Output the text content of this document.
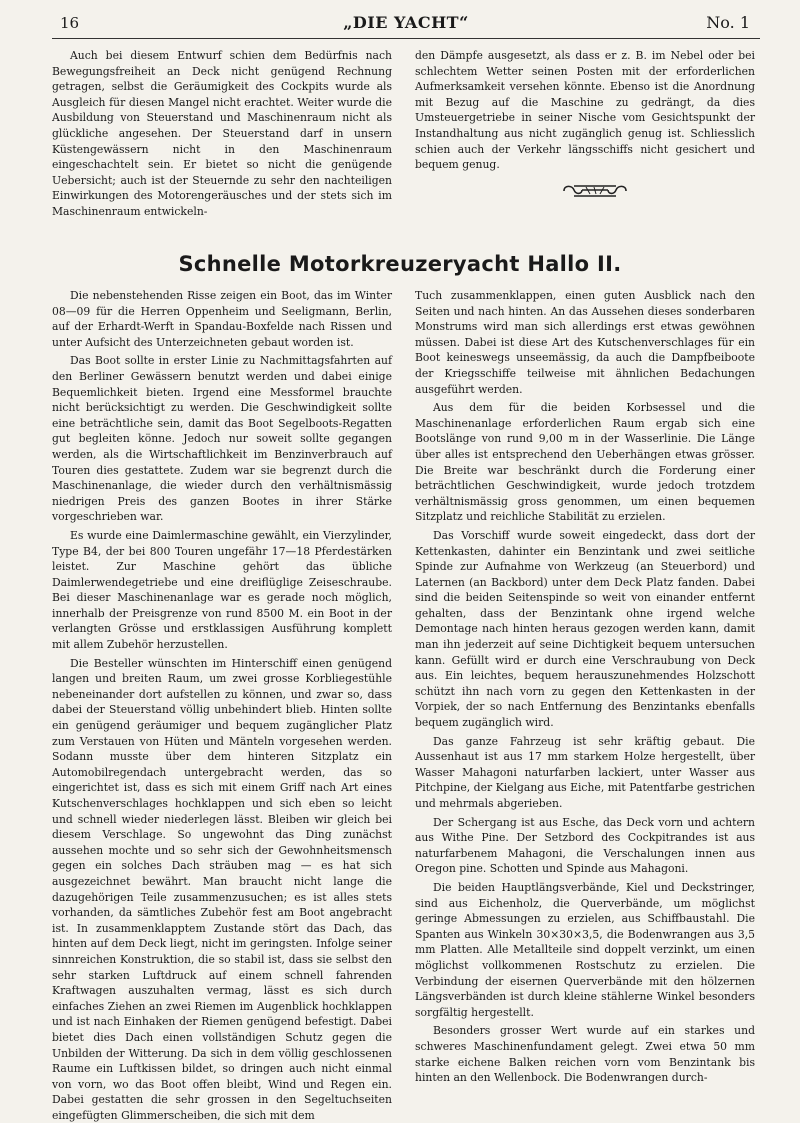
16	„DIE YACHT“	No. 1

Auch bei diesem Entwurf schien dem Bedürfnis nach Bewegungsfreiheit an Deck nicht genügend Rechnung getragen, selbst die Geräumigkeit des Cockpits wurde als Ausgleich für diesen Mangel nicht erachtet. Weiter wurde die Ausbildung von Steuerstand und Maschinenraum nicht als glückliche angesehen. Der Steuerstand darf in unsern Küstengewässern nicht in den Maschinenraum eingeschachtelt sein. Er bietet so nicht die genügende Uebersicht; auch ist der Steuernde zu sehr den nachteiligen Einwirkungen des Motorengeräusches und der stets sich im Maschinenraum entwickeln-

den Dämpfe ausgesetzt, als dass er z. B. im Nebel oder bei schlechtem Wetter seinen Posten mit der erforderlichen Aufmerksamkeit versehen könnte. Ebenso ist die Anordnung mit Bezug auf die Maschine zu gedrängt, da dies Umsteuergetriebe in seiner Nische vom Gesichtspunkt der Instandhaltung aus nicht zugänglich genug ist. Schliesslich schien auch der Verkehr längsschiffs nicht gesichert und bequem genug.

Schnelle Motorkreuzeryacht Hallo II.

Die nebenstehenden Risse zeigen ein Boot, das im Winter 08—09 für die Herren Oppenheim und Seeligmann, Berlin, auf der Erhardt-Werft in Spandau-Boxfelde nach Rissen und unter Aufsicht des Unterzeichneten gebaut worden ist.

Das Boot sollte in erster Linie zu Nachmittagsfahrten auf den Berliner Gewässern benutzt werden und dabei einige Bequemlichkeit bieten. Irgend eine Messformel brauchte nicht berücksichtigt zu werden. Die Geschwindigkeit sollte eine beträchtliche sein, damit das Boot Segelboots-Regatten gut begleiten könne. Jedoch nur soweit sollte gegangen werden, als die Wirtschaftlichkeit im Benzinverbrauch auf Touren dies gestattete. Zudem war sie begrenzt durch die Maschinenanlage, die wieder durch den verhältnismässig niedrigen Preis des ganzen Bootes in ihrer Stärke vorgeschrieben war.

Es wurde eine Daimlermaschine gewählt, ein Vierzylinder, Type B4, der bei 800 Touren ungefähr 17—18 Pferdestärken leistet. Zur Maschine gehört das übliche Daimlerwendegetriebe und eine dreiflüglige Zeiseschraube. Bei dieser Maschinenanlage war es gerade noch möglich, innerhalb der Preisgrenze von rund 8500 M. ein Boot in der verlangten Grösse und erstklassigen Ausführung komplett mit allem Zubehör herzustellen.

Die Besteller wünschten im Hinterschiff einen genügend langen und breiten Raum, um zwei grosse Korbliegestühle nebeneinander dort aufstellen zu können, und zwar so, dass dabei der Steuerstand völlig unbehindert blieb. Hinten sollte ein genügend geräumiger und bequem zugänglicher Platz zum Verstauen von Hüten und Mänteln vorgesehen werden. Sodann musste über dem hinteren Sitzplatz ein Automobilregendach untergebracht werden, das so eingerichtet ist, dass es sich mit einem Griff nach Art eines Kutschenverschlages hochklappen und sich eben so leicht und schnell wieder niederlegen lässt. Bleiben wir gleich bei diesem Verschlage. So ungewohnt das Ding zunächst aussehen mochte und so sehr sich der Gewohnheitsmensch gegen ein solches Dach sträuben mag — es hat sich ausgezeichnet bewährt. Man braucht nicht lange die dazugehörigen Teile zusammenzusuchen; es ist alles stets vorhanden, da sämtliches Zubehör fest am Boot angebracht ist. In zusammenklapptem Zustande stört das Dach, das hinten auf dem Deck liegt, nicht im geringsten. Infolge seiner sinnreichen Konstruktion, die so stabil ist, dass sie selbst den sehr starken Luftdruck auf einem schnell fahrenden Kraftwagen auszuhalten vermag, lässt es sich durch einfaches Ziehen an zwei Riemen im Augenblick hochklappen und ist nach Einhaken der Riemen genügend befestigt. Dabei bietet dies Dach einen vollständigen Schutz gegen die Unbilden der Witterung. Da sich in dem völlig geschlossenen Raume ein Luftkissen bildet, so dringen auch nicht einmal von vorn, wo das Boot offen bleibt, Wind und Regen ein. Dabei gestatten die sehr grossen in den Segeltuchseiten eingefügten Glimmerscheiben, die sich mit dem

Tuch zusammenklappen, einen guten Ausblick nach den Seiten und nach hinten. An das Aussehen dieses sonderbaren Monstrums wird man sich allerdings erst etwas gewöhnen müssen. Dabei ist diese Art des Kutschenverschlages für ein Boot keineswegs unseemässig, da auch die Dampfbeiboote der Kriegsschiffe teilweise mit ähnlichen Bedachungen ausgeführt werden.

Aus dem für die beiden Korbsessel und die Maschinenanlage erforderlichen Raum ergab sich eine Bootslänge von rund 9,00 m in der Wasserlinie. Die Länge über alles ist entsprechend den Ueberhängen etwas grösser. Die Breite war beschränkt durch die Forderung einer beträchtlichen Geschwindigkeit, wurde jedoch trotzdem verhältnismässig gross genommen, um einen bequemen Sitzplatz und reichliche Stabilität zu erzielen.

Das Vorschiff wurde soweit eingedeckt, dass dort der Kettenkasten, dahinter ein Benzintank und zwei seitliche Spinde zur Aufnahme von Werkzeug (an Steuerbord) und Laternen (an Backbord) unter dem Deck Platz fanden. Dabei sind die beiden Seitenspinde so weit von einander entfernt gehalten, dass der Benzintank ohne irgend welche Demontage nach hinten heraus gezogen werden kann, damit man ihn jederzeit auf seine Dichtigkeit bequem untersuchen kann. Gefüllt wird er durch eine Verschraubung von Deck aus. Ein leichtes, bequem herauszunehmendes Holzschott schützt ihn nach vorn zu gegen den Kettenkasten in der Vorpiek, der so nach Entfernung des Benzintanks ebenfalls bequem zugänglich wird.

Das ganze Fahrzeug ist sehr kräftig gebaut. Die Aussenhaut ist aus 17 mm starkem Holze hergestellt, über Wasser Mahagoni naturfarben lackiert, unter Wasser aus Pitchpine, der Kielgang aus Eiche, mit Patentfarbe gestrichen und mehrmals abgerieben.

Der Schergang ist aus Esche, das Deck vorn und achtern aus Withe Pine. Der Setzbord des Cockpitrandes ist aus naturfarbenem Mahagoni, die Verschalungen innen aus Oregon pine. Schotten und Spinde aus Mahagoni.

Die beiden Hauptlängsverbände, Kiel und Deckstringer, sind aus Eichenholz, die Querverbände, um möglichst geringe Abmessungen zu erzielen, aus Schiffbaustahl. Die Spanten aus Winkeln 30×30×3,5, die Bodenwrangen aus 3,5 mm Platten. Alle Metallteile sind doppelt verzinkt, um einen möglichst vollkommenen Rostschutz zu erzielen. Die Verbindung der eisernen Querverbände mit den hölzernen Längsverbänden ist durch kleine stählerne Winkel besonders sorgfältig hergestellt.

Besonders grosser Wert wurde auf ein starkes und schweres Maschinenfundament gelegt. Zwei etwa 50 mm starke eichene Balken reichen vorn vom Benzintank bis hinten an den Wellenbock. Die Bodenwrangen durch-
